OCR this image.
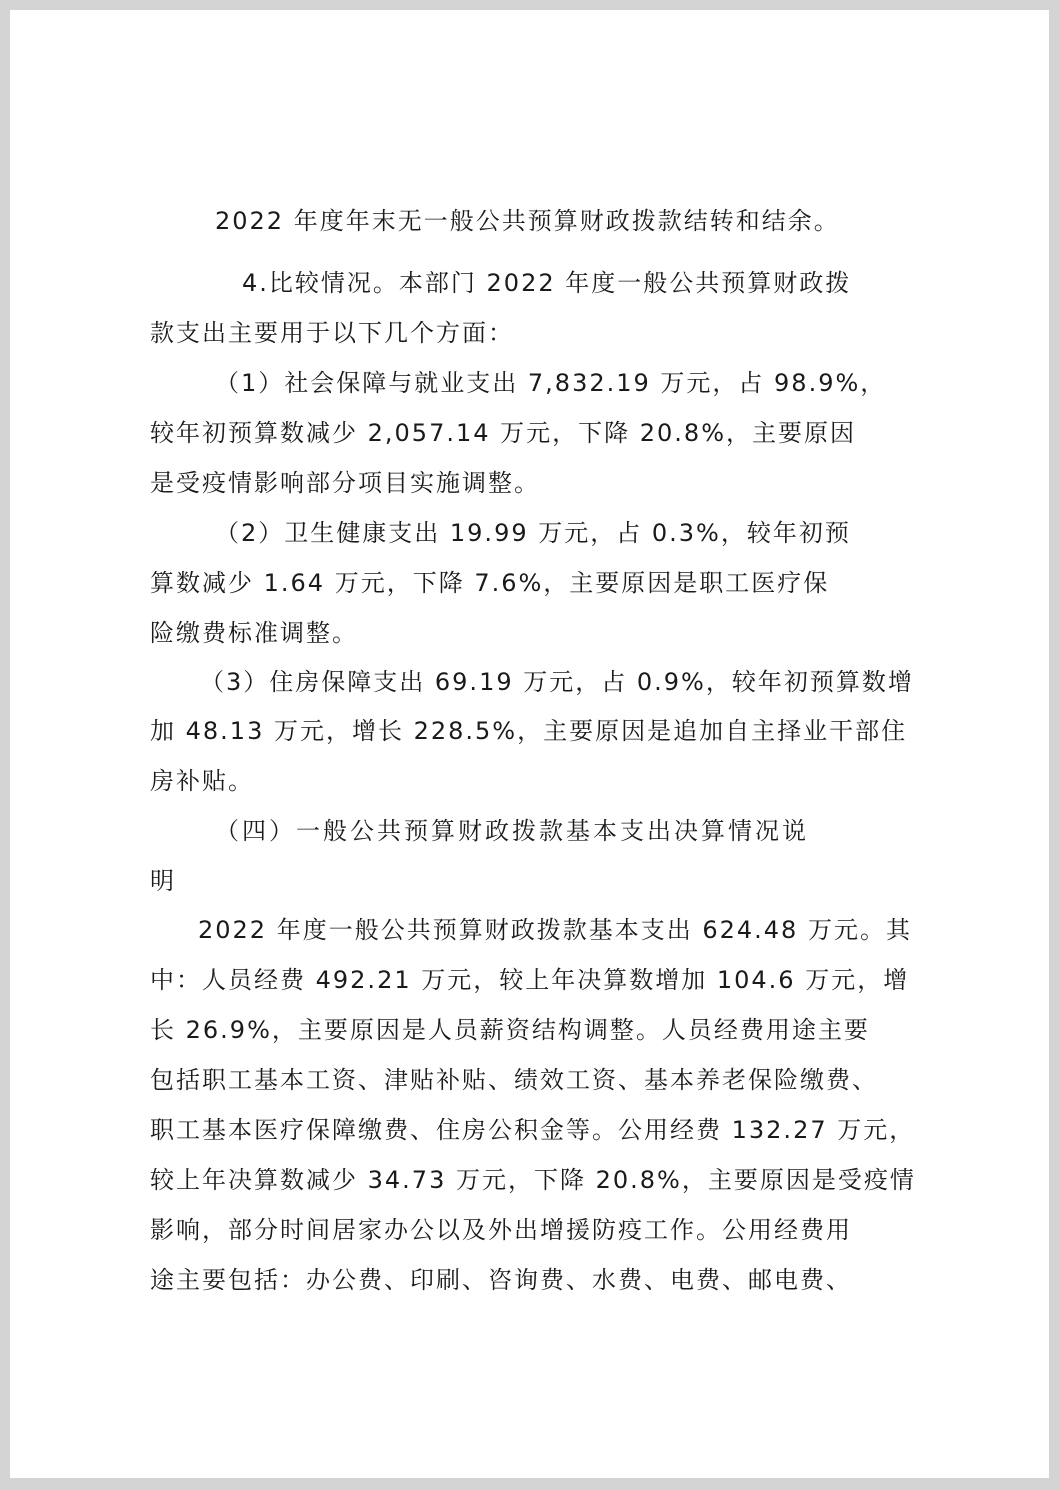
2022 年度年末无一般公共预算财政拨款结转和结余。
4.比较情况。本部门 2022 年度一般公共预算财政拨
款支出主要用于以下几个方面：
（1）社会保障与就业支出 7,832.19 万元，占 98.9%，
较年初预算数减少 2,057.14 万元，下降 20.8%，主要原因
是受疫情影响部分项目实施调整。
（2）卫生健康支出 19.99 万元，占 0.3%，较年初预
算数减少 1.64 万元，下降 7.6%，主要原因是职工医疗保
险缴费标准调整。
（3）住房保障支出 69.19 万元，占 0.9%，较年初预算数增
加 48.13 万元，增长 228.5%，主要原因是追加自主择业干部住
房补贴。
（四）一般公共预算财政拨款基本支出决算情况说
明
2022 年度一般公共预算财政拨款基本支出 624.48 万元。其
中：人员经费 492.21 万元，较上年决算数增加 104.6 万元，增
长 26.9%，主要原因是人员薪资结构调整。人员经费用途主要
包括职工基本工资、津贴补贴、绩效工资、基本养老保险缴费、
职工基本医疗保障缴费、住房公积金等。公用经费 132.27 万元，
较上年决算数减少 34.73 万元，下降 20.8%，主要原因是受疫情
影响，部分时间居家办公以及外出增援防疫工作。公用经费用
途主要包括：办公费、印刷、咨询费、水费、电费、邮电费、
